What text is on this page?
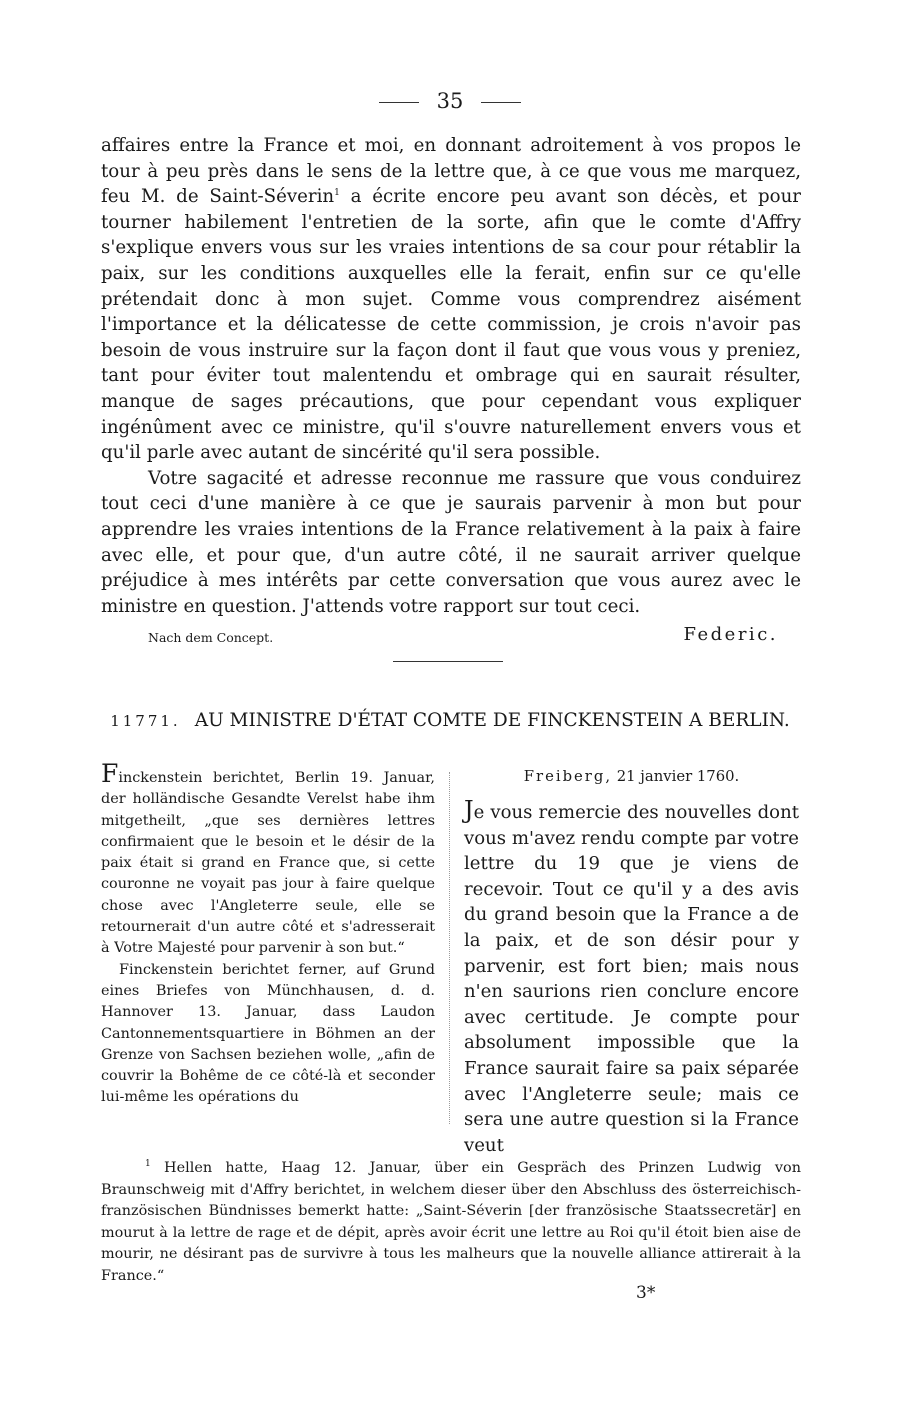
35

affaires entre la France et moi, en donnant adroitement à vos propos le tour à peu près dans le sens de la lettre que, à ce que vous me marquez, feu M. de Saint-Séverin$^1$ a écrite encore peu avant son décès, et pour tourner habilement l'entretien de la sorte, afin que le comte d'Affry s'explique envers vous sur les vraies intentions de sa cour pour rétablir la paix, sur les conditions auxquelles elle la ferait, enfin sur ce qu'elle prétendait donc à mon sujet. Comme vous comprendrez aisément l'importance et la délicatesse de cette commission, je crois n'avoir pas besoin de vous instruire sur la façon dont il faut que vous vous y preniez, tant pour éviter tout malentendu et ombrage qui en saurait résulter, manque de sages précautions, que pour cependant vous expliquer ingénûment avec ce ministre, qu'il s'ouvre naturellement envers vous et qu'il parle avec autant de sincérité qu'il sera possible.

Votre sagacité et adresse reconnue me rassure que vous conduirez tout ceci d'une manière à ce que je saurais parvenir à mon but pour apprendre les vraies intentions de la France relativement à la paix à faire avec elle, et pour que, d'un autre côté, il ne saurait arriver quelque préjudice à mes intérêts par cette conversation que vous aurez avec le ministre en question. J'attends votre rapport sur tout ceci.

Nach dem Concept.	Federic.
11771. AU MINISTRE D'ÉTAT COMTE DE FINCKENSTEIN A BERLIN.

Finckenstein berichtet, Berlin 19. Januar, der holländische Gesandte Verelst habe ihm mitgetheilt, „que ses dernières lettres confirmaient que le besoin et le désir de la paix était si grand en France que, si cette couronne ne voyait pas jour à faire quelque chose avec l'Angleterre seule, elle se retournerait d'un autre côté et s'adresserait à Votre Majesté pour parvenir à son but.“

Finckenstein berichtet ferner, auf Grund eines Briefes von Münchhausen, d. d. Hannover 13. Januar, dass Laudon Cantonnementsquartiere in Böhmen an der Grenze von Sachsen beziehen wolle, „afin de couvrir la Bohême de ce côté-là et seconder lui-même les opérations du

Freiberg, 21 janvier 1760.

Je vous remercie des nouvelles dont vous m'avez rendu compte par votre lettre du 19 que je viens de recevoir. Tout ce qu'il y a des avis du grand besoin que la France a de la paix, et de son désir pour y parvenir, est fort bien; mais nous n'en saurions rien conclure encore avec certitude. Je compte pour absolument impossible que la France saurait faire sa paix séparée avec l'Angleterre seule; mais ce sera une autre question si la France veut

$^1$ Hellen hatte, Haag 12. Januar, über ein Gespräch des Prinzen Ludwig von Braunschweig mit d'Affry berichtet, in welchem dieser über den Abschluss des österreichisch-französischen Bündnisses bemerkt hatte: „Saint-Séverin [der französische Staatssecretär] en mourut à la lettre de rage et de dépit, après avoir écrit une lettre au Roi qu'il étoit bien aise de mourir, ne désirant pas de survivre à tous les malheurs que la nouvelle alliance attirerait à la France.“

3*
